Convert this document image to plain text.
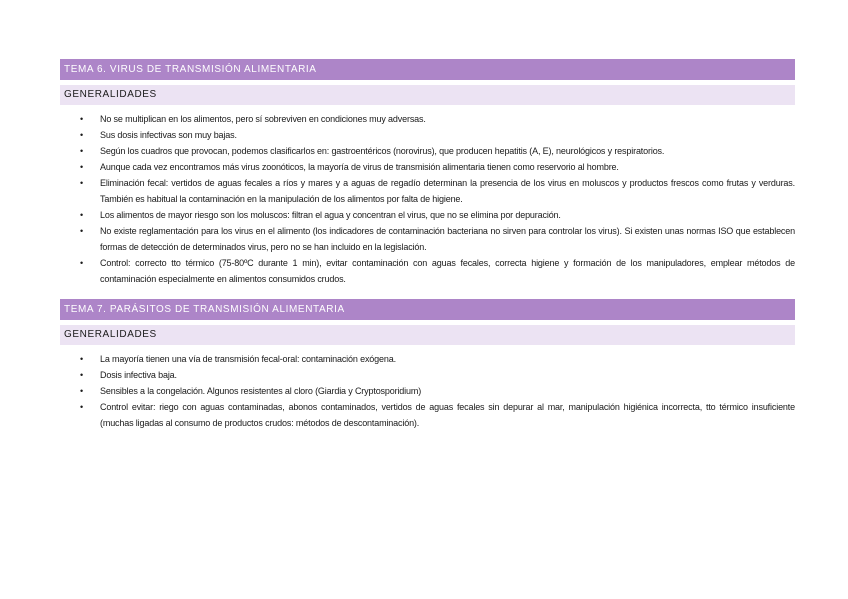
TEMA 6. VIRUS DE TRANSMISIÓN ALIMENTARIA
GENERALIDADES
•	No se multiplican en los alimentos, pero sí sobreviven en condiciones muy adversas.
•	Sus dosis infectivas son muy bajas.
•	Según los cuadros que provocan, podemos clasificarlos en: gastroentéricos (norovirus), que producen hepatitis (A, E), neurológicos y respiratorios.
•	Aunque cada vez encontramos más virus zoonóticos, la mayoría de virus de transmisión alimentaria tienen como reservorio al hombre.
•	Eliminación fecal: vertidos de aguas fecales a ríos y mares y a aguas de regadío determinan la presencia de los virus en moluscos y productos frescos como frutas y verduras. También es habitual la contaminación en la manipulación de los alimentos por falta de higiene.
•	Los alimentos de mayor riesgo son los moluscos: filtran el agua y concentran el virus, que no se elimina por depuración.
•	No existe reglamentación para los virus en el alimento (los indicadores de contaminación bacteriana no sirven para controlar los virus). Si existen unas normas ISO que establecen formas de detección de determinados virus, pero no se han incluido en la legislación.
•	Control: correcto tto térmico (75-80ºC durante 1 min), evitar contaminación con aguas fecales, correcta higiene y formación de los manipuladores, emplear métodos de contaminación especialmente en alimentos consumidos crudos.
TEMA 7. PARÁSITOS DE TRANSMISIÓN ALIMENTARIA
GENERALIDADES
•	La mayoría tienen una vía de transmisión fecal-oral: contaminación exógena.
•	Dosis infectiva baja.
•	Sensibles a la congelación. Algunos resistentes al cloro (Giardia y Cryptosporidium)
•	Control evitar: riego con aguas contaminadas, abonos contaminados, vertidos de aguas fecales sin depurar al mar, manipulación higiénica incorrecta, tto térmico insuficiente (muchas ligadas al consumo de productos crudos: métodos de descontaminación).
